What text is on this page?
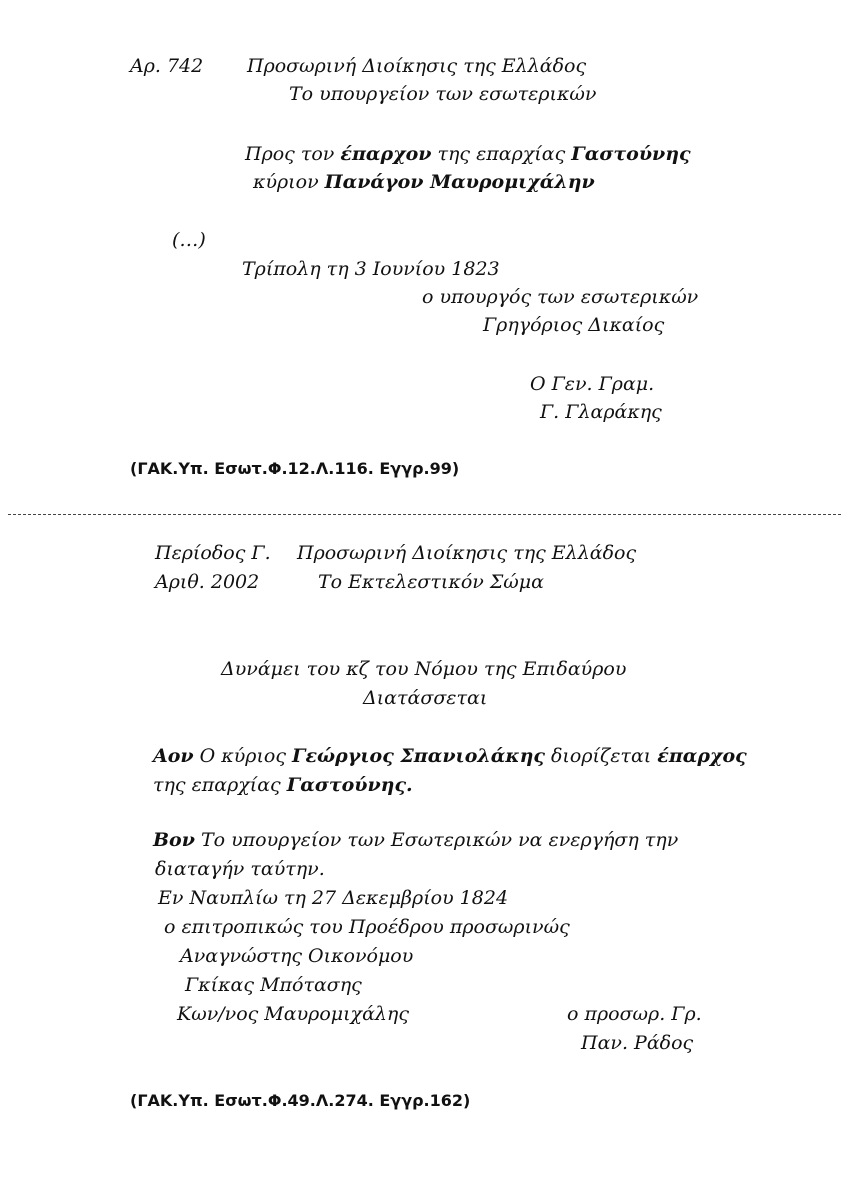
Αρ. 742 Προσωρινή Διοίκησις της Ελλάδος
Το υπουργείον των εσωτερικών
Προς τον έπαρχον της επαρχίας Γαστούνης
κύριον Πανάγον Μαυρομιχάλην
(…)
Τρίπολη τη 3 Ιουνίου 1823
ο υπουργός των εσωτερικών
Γρηγόριος Δικαίος
Ο Γεν. Γραμ.
Γ. Γλαράκης
(ΓΑΚ.Υπ. Εσωτ.Φ.12.Λ.116. Εγγρ.99)
Περίοδος Γ. Προσωρινή Διοίκησις της Ελλάδος
Αριθ. 2002	Το Εκτελεστικόν Σώμα
Δυνάμει του κζ του Νόμου της Επιδαύρου
Διατάσσεται
Αον Ο κύριος Γεώργιος Σπανιολάκης διορίζεται έπαρχος
της επαρχίας Γαστούνης.
Βον Το υπουργείον των Εσωτερικών να ενεργήση την
διαταγήν ταύτην.
Εν Ναυπλίω τη 27 Δεκεμβρίου 1824
ο επιτροπικώς του Προέδρου προσωρινώς
Αναγνώστης Οικονόμου
Γκίκας Μπότασης
Κων/νος Μαυρομιχάλης	ο προσωρ. Γρ.
Παν. Ράδος
(ΓΑΚ.Υπ. Εσωτ.Φ.49.Λ.274. Εγγρ.162)
